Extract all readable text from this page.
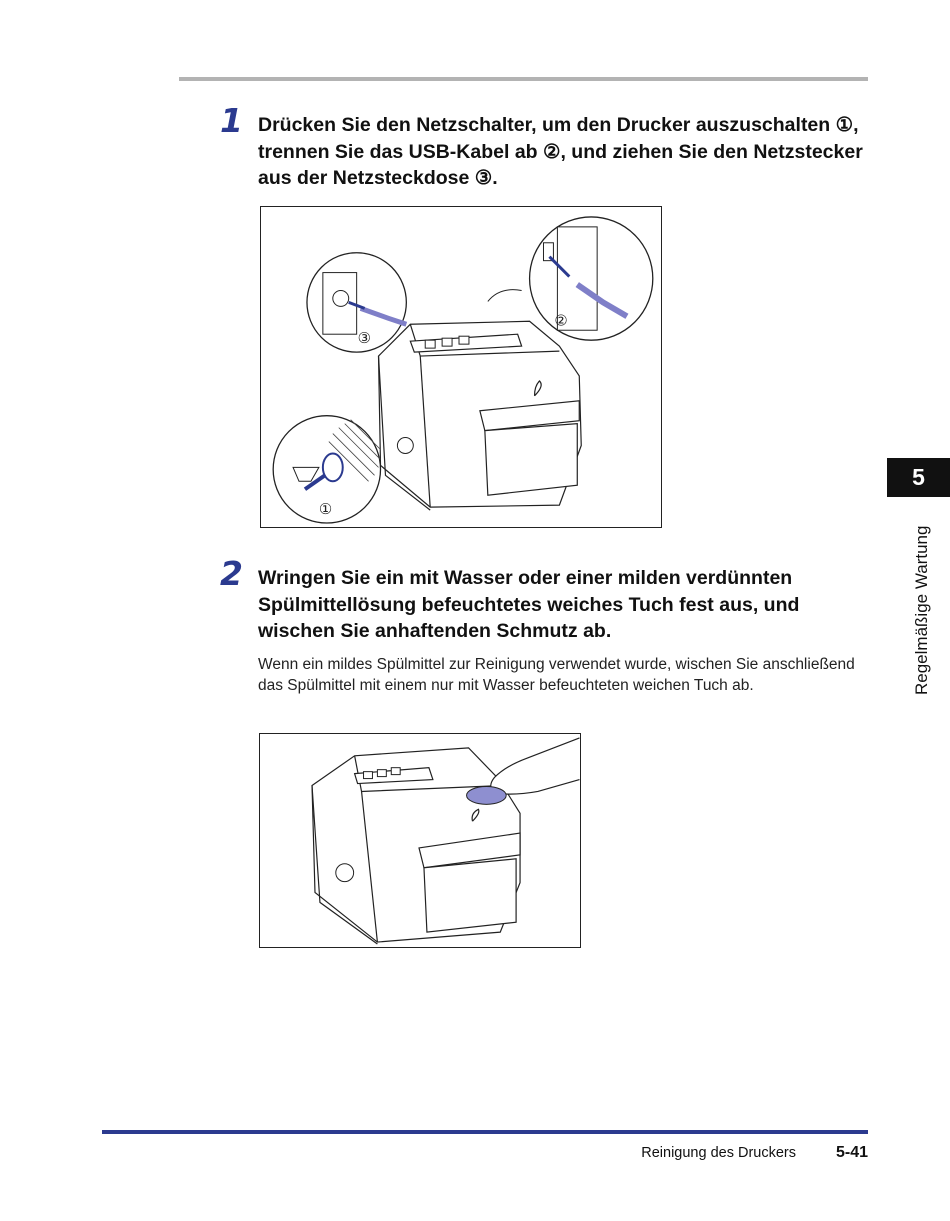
1 Drücken Sie den Netzschalter, um den Drucker auszuschalten ①, trennen Sie das USB-Kabel ab ②, und ziehen Sie den Netzstecker aus der Netzsteckdose ③.
①
②
③
2 Wringen Sie ein mit Wasser oder einer milden verdünnten Spülmittellösung befeuchtetes weiches Tuch fest aus, und wischen Sie anhaftenden Schmutz ab.
Wenn ein mildes Spülmittel zur Reinigung verwendet wurde, wischen Sie anschließend das Spülmittel mit einem nur mit Wasser befeuchteten weichen Tuch ab.
5
Regelmäßige Wartung
Reinigung des Druckers 5-41
